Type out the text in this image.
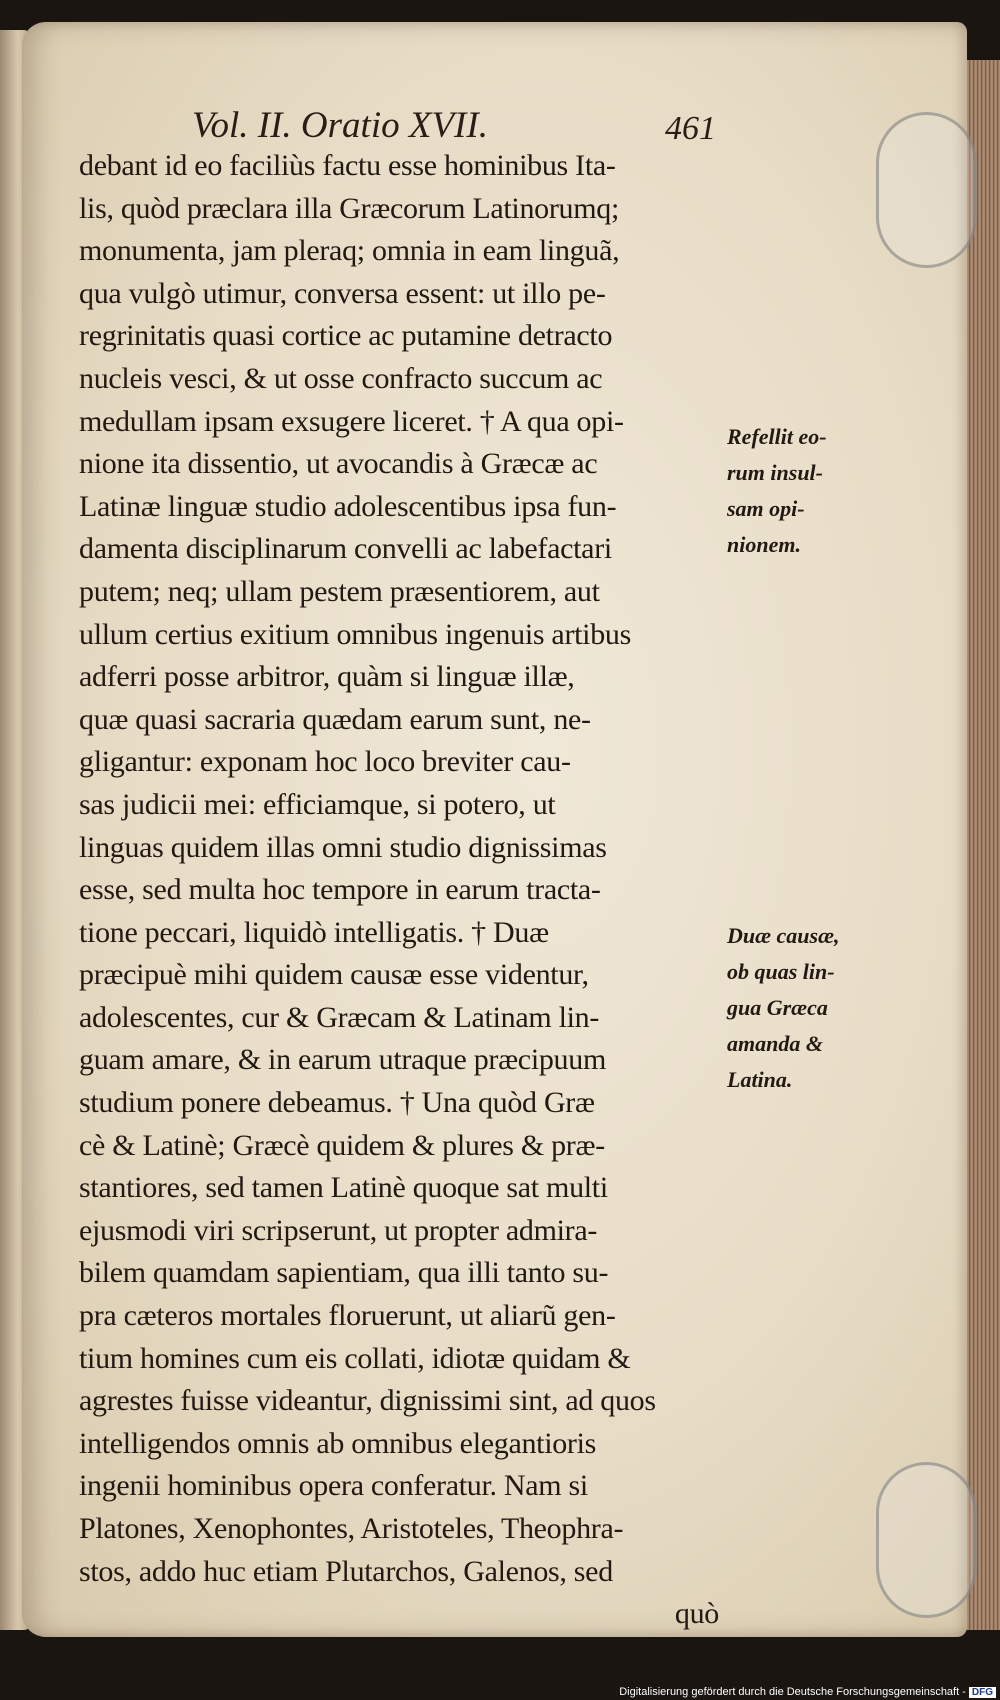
Vol. II. Oratio XVII.	461
debant id eo faciliùs factu esse hominibus Ita-
lis, quòd præclara illa Græcorum Latinorumq;
monumenta, jam pleraq; omnia in eam linguã,
qua vulgò utimur, conversa essent: ut illo pe-
regrinitatis quasi cortice ac putamine detracto
nucleis vesci, & ut osse confracto succum ac
medullam ipsam exsugere liceret. † A qua opi-
nione ita dissentio, ut avocandis à Græcæ ac
Latinæ linguæ studio adolescentibus ipsa fun-
damenta disciplinarum convelli ac labefactari
putem; neq; ullam pestem præsentiorem, aut
ullum certius exitium omnibus ingenuis artibus
adferri posse arbitror, quàm si linguæ illæ,
quæ quasi sacraria quædam earum sunt, ne-
gligantur: exponam hoc loco breviter cau-
sas judicii mei: efficiamque, si potero, ut
linguas quidem illas omni studio dignissimas
esse, sed multa hoc tempore in earum tracta-
tione peccari, liquidò intelligatis. † Duæ
præcipuè mihi quidem causæ esse videntur,
adolescentes, cur & Græcam & Latinam lin-
guam amare, & in earum utraque præcipuum
studium ponere debeamus. † Una quòd Græ
cè & Latinè; Græcè quidem & plures & præ-
stantiores, sed tamen Latinè quoque sat multi
ejusmodi viri scripserunt, ut propter admira-
bilem quamdam sapientiam, qua illi tanto su-
pra cæteros mortales floruerunt, ut aliarũ gen-
tium homines cum eis collati, idiotæ quidam &
agrestes fuisse videantur, dignissimi sint, ad quos
intelligendos omnis ab omnibus elegantioris
ingenii hominibus opera conferatur. Nam si
Platones, Xenophontes, Aristoteles, Theophra-
stos, addo huc etiam Plutarchos, Galenos, sed
quò
Refellit eo-
rum insul-
sam opi-
nionem.
Duæ causæ,
ob quas lin-
gua Græca
amanda &
Latina.
Digitalisierung gefördert durch die Deutsche Forschungsgemeinschaft - DFG
